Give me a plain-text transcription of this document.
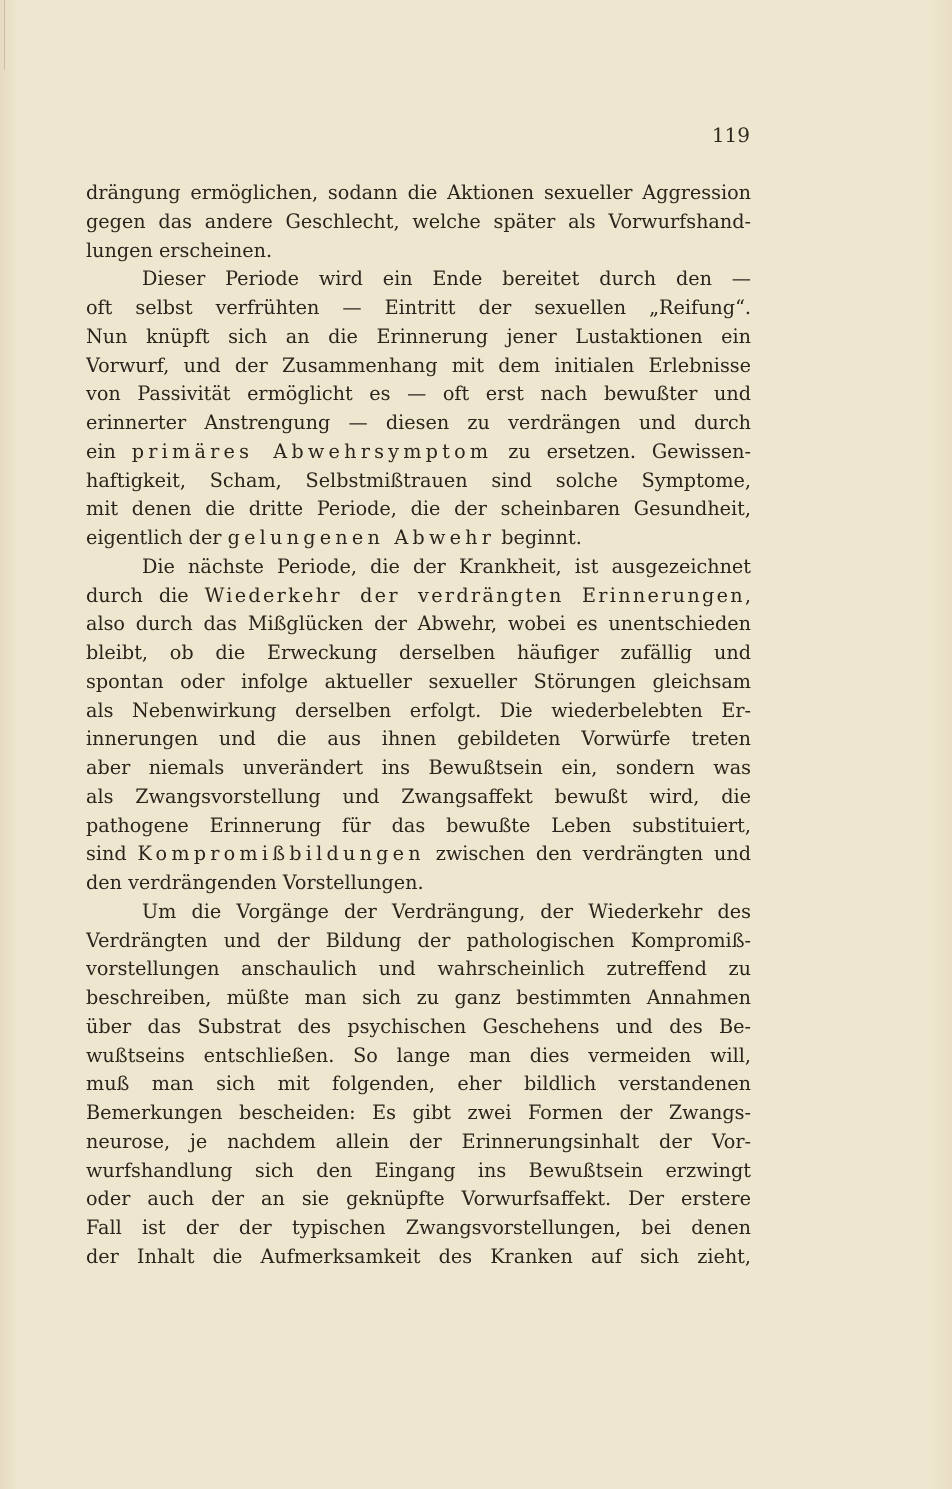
119
drängung ermöglichen, sodann die Aktionen sexueller Aggression
gegen das andere Geschlecht, welche später als Vorwurfshand-
lungen erscheinen.
Dieser Periode wird ein Ende bereitet durch den —
oft selbst verfrühten — Eintritt der sexuellen „Reifung“.
Nun knüpft sich an die Erinnerung jener Lustaktionen ein
Vorwurf, und der Zusammenhang mit dem initialen Erlebnisse
von Passivität ermöglicht es — oft erst nach bewußter und
erinnerter Anstrengung — diesen zu verdrängen und durch
ein primäres Abwehrsymptom zu ersetzen. Gewissen-
haftigkeit, Scham, Selbstmißtrauen sind solche Symptome,
mit denen die dritte Periode, die der scheinbaren Gesundheit,
eigentlich der gelungenen Abwehr beginnt.
Die nächste Periode, die der Krankheit, ist ausgezeichnet
durch die Wiederkehr der verdrängten Erinnerungen,
also durch das Mißglücken der Abwehr, wobei es unentschieden
bleibt, ob die Erweckung derselben häufiger zufällig und
spontan oder infolge aktueller sexueller Störungen gleichsam
als Nebenwirkung derselben erfolgt. Die wiederbelebten Er-
innerungen und die aus ihnen gebildeten Vorwürfe treten
aber niemals unverändert ins Bewußtsein ein, sondern was
als Zwangsvorstellung und Zwangsaffekt bewußt wird, die
pathogene Erinnerung für das bewußte Leben substituiert,
sind Kompromißbildungen zwischen den verdrängten und
den verdrängenden Vorstellungen.
Um die Vorgänge der Verdrängung, der Wiederkehr des
Verdrängten und der Bildung der pathologischen Kompromiß-
vorstellungen anschaulich und wahrscheinlich zutreffend zu
beschreiben, müßte man sich zu ganz bestimmten Annahmen
über das Substrat des psychischen Geschehens und des Be-
wußtseins entschließen. So lange man dies vermeiden will,
muß man sich mit folgenden, eher bildlich verstandenen
Bemerkungen bescheiden: Es gibt zwei Formen der Zwangs-
neurose, je nachdem allein der Erinnerungsinhalt der Vor-
wurfshandlung sich den Eingang ins Bewußtsein erzwingt
oder auch der an sie geknüpfte Vorwurfsaffekt. Der erstere
Fall ist der der typischen Zwangsvorstellungen, bei denen
der Inhalt die Aufmerksamkeit des Kranken auf sich zieht,
